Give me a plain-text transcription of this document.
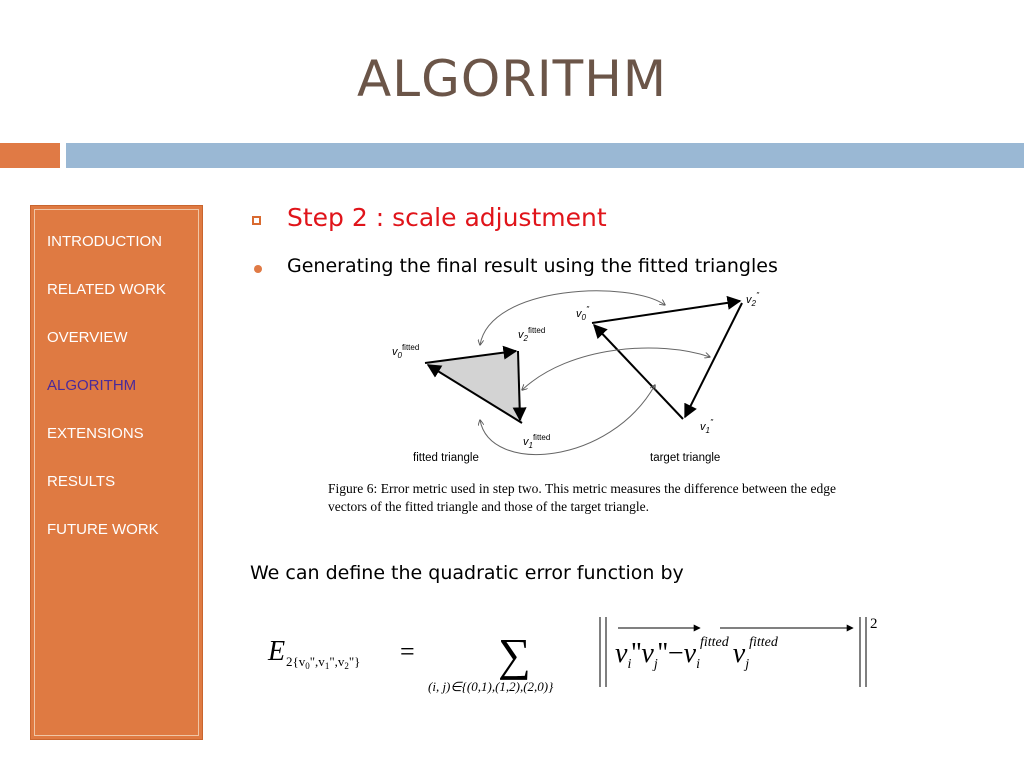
ALGORITHM
INTRODUCTION
RELATED WORK
OVERVIEW
ALGORITHM
EXTENSIONS
RESULTS
FUTURE WORK
Step 2 : scale adjustment
Generating the final result using the fitted triangles
$v_0^{fitted}$
$v_2^{fitted}$
$v_1^{fitted}$
$v_0''$
$v_2''$
$v_1''$
fitted triangle	target triangle
Figure 6: Error metric used in step two. This metric measures the difference between the edge vectors of the fitted triangle and those of the target triangle.
We can define the quadratic error function by
E $2\{v_0",v_1",v_2"\}$ = ∑
(i, j)∈{(0,1),(1,2),(2,0)}
$v_i''v_j''-v_i^{fitted}$ $v_j^{fitted}$
2
